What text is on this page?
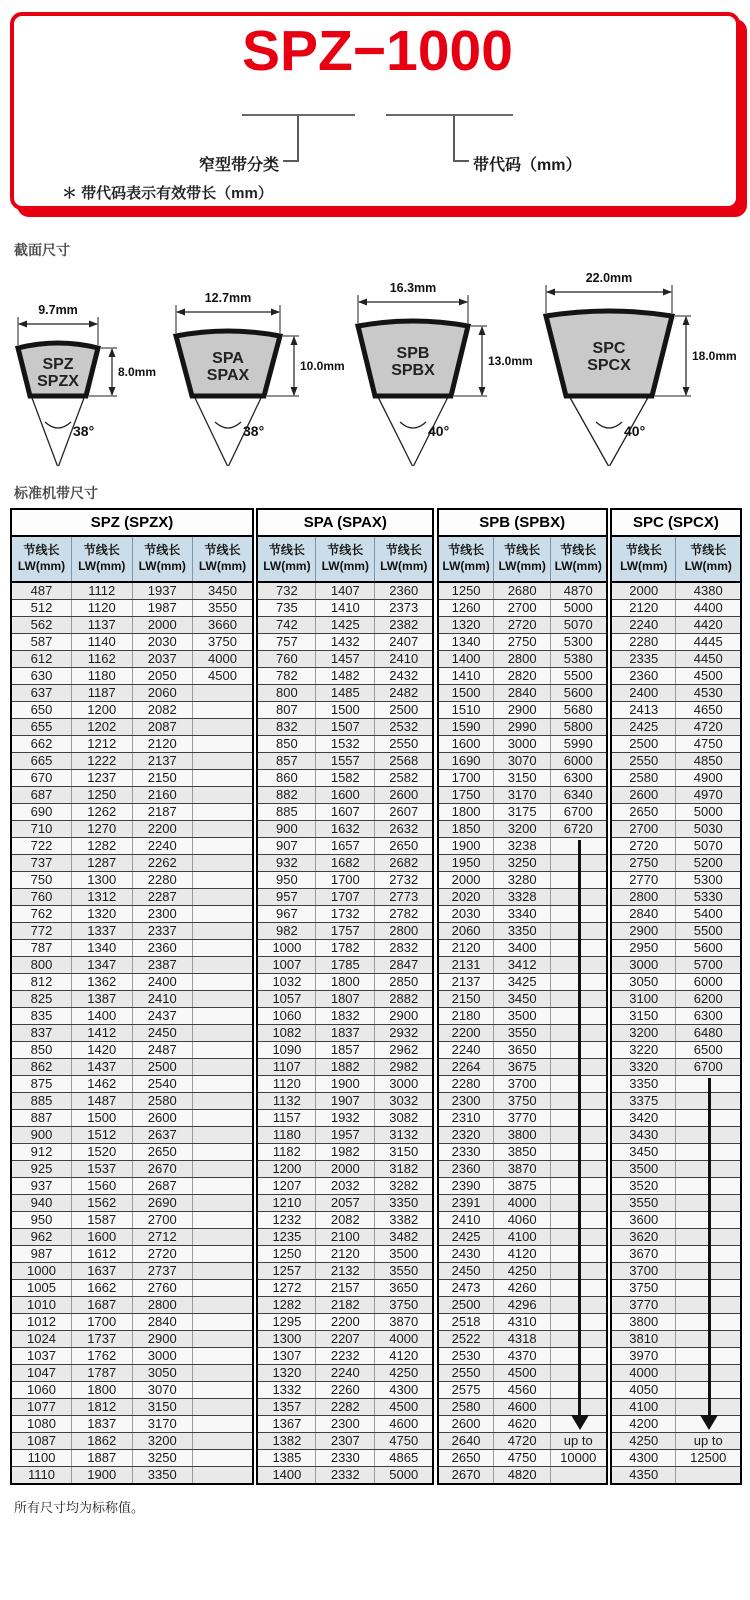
SPZ−1000
窄型带分类	带代码（mm）
＊ 带代码表示有效带长（mm）
截面尺寸
SPZ
SPZX
9.7mm
8.0mm
38°
SPA
SPAX
12.7mm
10.0mm
38°
SPB
SPBX
16.3mm
13.0mm
40°
SPC
SPCX
22.0mm
18.0mm
40°
标准机带尺寸
SPZ (SPZX)			
节线长
LW(mm)	节线长
LW(mm)	节线长
LW(mm)	节线长
LW(mm)
487	1112	1937	3450
512	1120	1987	3550
562	1137	2000	3660
587	1140	2030	3750
612	1162	2037	4000
630	1180	2050	4500
637	1187	2060	
650	1200	2082	
655	1202	2087	
662	1212	2120	
665	1222	2137	
670	1237	2150	
687	1250	2160	
690	1262	2187	
710	1270	2200	
722	1282	2240	
737	1287	2262	
750	1300	2280	
760	1312	2287	
762	1320	2300	
772	1337	2337	
787	1340	2360	
800	1347	2387	
812	1362	2400	
825	1387	2410	
835	1400	2437	
837	1412	2450	
850	1420	2487	
862	1437	2500	
875	1462	2540	
885	1487	2580	
887	1500	2600	
900	1512	2637	
912	1520	2650	
925	1537	2670	
937	1560	2687	
940	1562	2690	
950	1587	2700	
962	1600	2712	
987	1612	2720	
1000	1637	2737	
1005	1662	2760	
1010	1687	2800	
1012	1700	2840	
1024	1737	2900	
1037	1762	3000	
1047	1787	3050	
1060	1800	3070	
1077	1812	3150	
1080	1837	3170	
1087	1862	3200	
1100	1887	3250	
1110	1900	3350	
SPA (SPAX)		
节线长
LW(mm)	节线长
LW(mm)	节线长
LW(mm)
732	1407	2360
735	1410	2373
742	1425	2382
757	1432	2407
760	1457	2410
782	1482	2432
800	1485	2482
807	1500	2500
832	1507	2532
850	1532	2550
857	1557	2568
860	1582	2582
882	1600	2600
885	1607	2607
900	1632	2632
907	1657	2650
932	1682	2682
950	1700	2732
957	1707	2773
967	1732	2782
982	1757	2800
1000	1782	2832
1007	1785	2847
1032	1800	2850
1057	1807	2882
1060	1832	2900
1082	1837	2932
1090	1857	2962
1107	1882	2982
1120	1900	3000
1132	1907	3032
1157	1932	3082
1180	1957	3132
1182	1982	3150
1200	2000	3182
1207	2032	3282
1210	2057	3350
1232	2082	3382
1235	2100	3482
1250	2120	3500
1257	2132	3550
1272	2157	3650
1282	2182	3750
1295	2200	3870
1300	2207	4000
1307	2232	4120
1320	2240	4250
1332	2260	4300
1357	2282	4500
1367	2300	4600
1382	2307	4750
1385	2330	4865
1400	2332	5000
SPB (SPBX)		
节线长
LW(mm)	节线长
LW(mm)	节线长
LW(mm)
1250	2680	4870
1260	2700	5000
1320	2720	5070
1340	2750	5300
1400	2800	5380
1410	2820	5500
1500	2840	5600
1510	2900	5680
1590	2990	5800
1600	3000	5990
1690	3070	6000
1700	3150	6300
1750	3170	6340
1800	3175	6700
1850	3200	6720
1900	3238	
1950	3250	
2000	3280	
2020	3328	
2030	3340	
2060	3350	
2120	3400	
2131	3412	
2137	3425	
2150	3450	
2180	3500	
2200	3550	
2240	3650	
2264	3675	
2280	3700	
2300	3750	
2310	3770	
2320	3800	
2330	3850	
2360	3870	
2390	3875	
2391	4000	
2410	4060	
2425	4100	
2430	4120	
2450	4250	
2473	4260	
2500	4296	
2518	4310	
2522	4318	
2530	4370	
2550	4500	
2575	4560	
2580	4600	
2600	4620	
2640	4720	up to
2650	4750	10000
2670	4820	
SPC (SPCX)	
节线长
LW(mm)	节线长
LW(mm)
2000	4380
2120	4400
2240	4420
2280	4445
2335	4450
2360	4500
2400	4530
2413	4650
2425	4720
2500	4750
2550	4850
2580	4900
2600	4970
2650	5000
2700	5030
2720	5070
2750	5200
2770	5300
2800	5330
2840	5400
2900	5500
2950	5600
3000	5700
3050	6000
3100	6200
3150	6300
3200	6480
3220	6500
3320	6700
3350	
3375	
3420	
3430	
3450	
3500	
3520	
3550	
3600	
3620	
3670	
3700	
3750	
3770	
3800	
3810	
3970	
4000	
4050	
4100	
4200	
4250	up to
4300	12500
4350	
所有尺寸均为标称值。
